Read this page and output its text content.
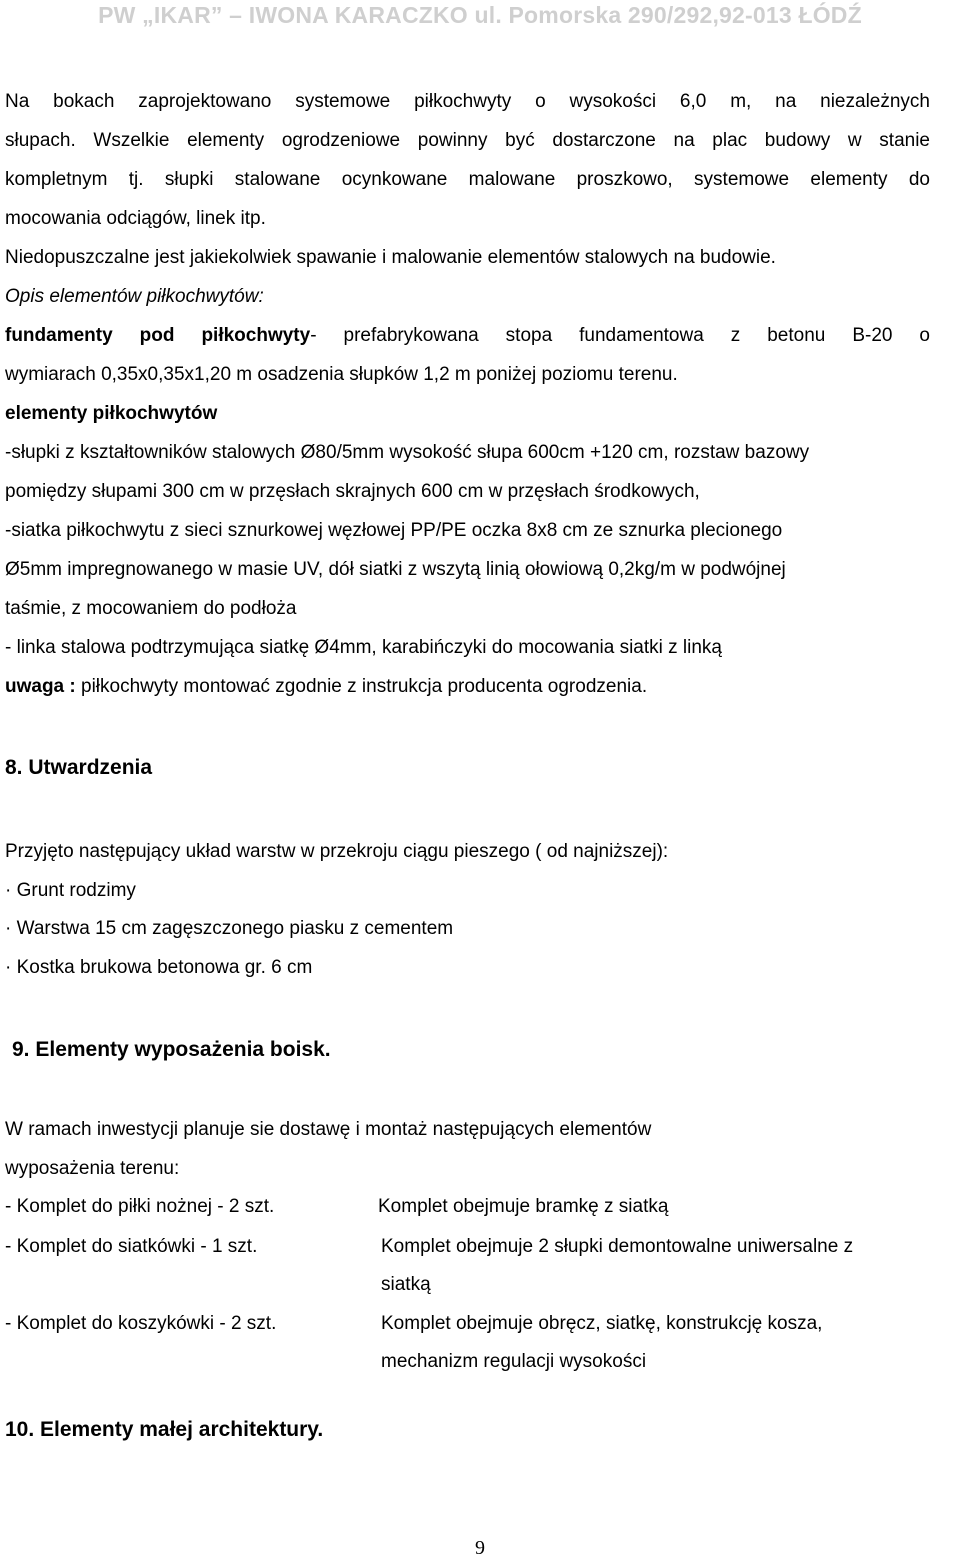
PW „IKAR” – IWONA KARACZKO ul. Pomorska 290/292,92-013 ŁÓDŹ
Na bokach zaprojektowano systemowe piłkochwyty o wysokości 6,0 m, na niezależnych
słupach. Wszelkie elementy ogrodzeniowe powinny być dostarczone na plac budowy w stanie
kompletnym tj. słupki stalowane ocynkowane malowane proszkowo, systemowe elementy do
mocowania odciągów, linek itp.
Niedopuszczalne jest jakiekolwiek spawanie i malowanie elementów stalowych na budowie.
Opis elementów piłkochwytów:
fundamenty pod piłkochwyty- prefabrykowana stopa fundamentowa z betonu B-20 o
wymiarach 0,35x0,35x1,20 m osadzenia słupków 1,2 m poniżej poziomu terenu.
elementy piłkochwytów
-słupki z kształtowników stalowych Ø80/5mm wysokość słupa 600cm +120 cm, rozstaw bazowy
pomiędzy słupami 300 cm w przęsłach skrajnych 600 cm w przęsłach środkowych,
-siatka piłkochwytu z sieci sznurkowej węzłowej PP/PE oczka 8x8 cm ze sznurka plecionego
Ø5mm impregnowanego w masie UV, dół siatki z wszytą linią ołowiową 0,2kg/m w podwójnej
taśmie, z mocowaniem do podłoża
- linka stalowa podtrzymująca siatkę Ø4mm, karabińczyki do mocowania siatki z linką
uwaga : piłkochwyty montować zgodnie z instrukcja producenta ogrodzenia.
8. Utwardzenia
Przyjęto następujący układ warstw w przekroju ciągu pieszego ( od najniższej):
· Grunt rodzimy
· Warstwa 15 cm zagęszczonego piasku z cementem
· Kostka brukowa betonowa gr. 6 cm
9. Elementy wyposażenia boisk.
W ramach inwestycji planuje sie dostawę i montaż następujących elementów
wyposażenia terenu:
- Komplet do piłki nożnej - 2 szt.	Komplet obejmuje bramkę z siatką
- Komplet do siatkówki - 1 szt.	Komplet obejmuje 2 słupki demontowalne uniwersalne z
siatką
- Komplet do koszykówki - 2 szt.	Komplet obejmuje obręcz, siatkę, konstrukcję kosza,
mechanizm regulacji wysokości
10. Elementy małej architektury.
9
